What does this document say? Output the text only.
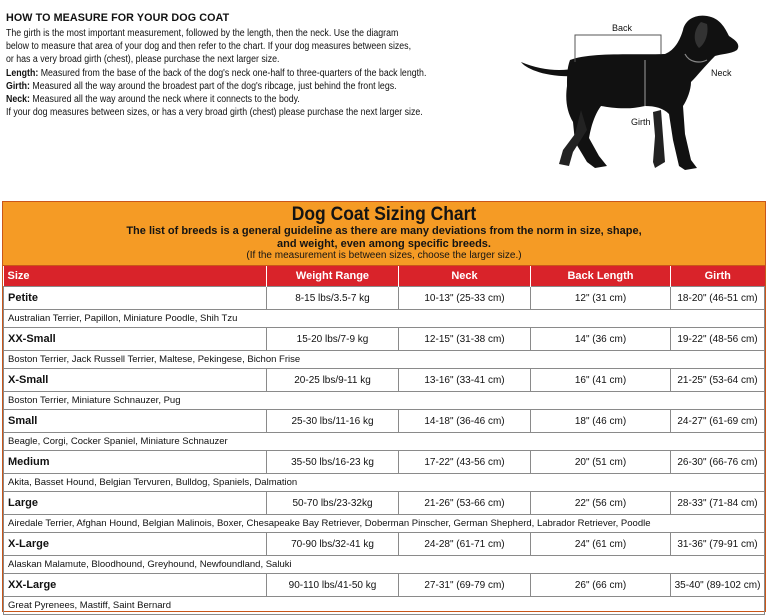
HOW TO MEASURE FOR YOUR DOG COAT

The girth is the most important measurement, followed by the length, then the neck. Use the diagram

below to measure that area of your dog and then refer to the chart. If your dog measures between sizes,

or has a very broad girth (chest), please purchase the next larger size.

Length: Measured from the base of the back of the dog's neck one-half to three-quarters of the back length.

Girth: Measured all the way around the broadest part of the dog's ribcage, just behind the front legs.

Neck: Measured all the way around the neck where it connects to the body.

If your dog measures between sizes, or has a very broad girth (chest) please purchase the next larger size.

Back
Neck
Girth
Dog Coat Sizing Chart
The list of breeds is a general guideline as there are many deviations from the norm in size, shape, and weight, even among specific breeds.
(If the measurement is between sizes, choose the larger size.)
Size	Weight Range	Neck	Back Length	Girth
Petite	8-15 lbs/3.5-7 kg	10-13" (25-33 cm)	12" (31 cm)	18-20" (46-51 cm)
Australian Terrier, Papillon, Miniature Poodle, Shih Tzu				
XX-Small	15-20 lbs/7-9 kg	12-15" (31-38 cm)	14" (36 cm)	19-22" (48-56 cm)
Boston Terrier, Jack Russell Terrier, Maltese, Pekingese, Bichon Frise				
X-Small	20-25 lbs/9-11 kg	13-16" (33-41 cm)	16" (41 cm)	21-25" (53-64 cm)
Boston Terrier, Miniature Schnauzer, Pug				
Small	25-30 lbs/11-16 kg	14-18" (36-46 cm)	18" (46 cm)	24-27" (61-69 cm)
Beagle, Corgi, Cocker Spaniel, Miniature Schnauzer				
Medium	35-50 lbs/16-23 kg	17-22" (43-56 cm)	20" (51 cm)	26-30" (66-76 cm)
Akita, Basset Hound, Belgian Tervuren, Bulldog, Spaniels, Dalmation				
Large	50-70 lbs/23-32kg	21-26" (53-66 cm)	22" (56 cm)	28-33" (71-84 cm)
Airedale Terrier, Afghan Hound, Belgian Malinois, Boxer, Chesapeake Bay Retriever, Doberman Pinscher, German Shepherd, Labrador Retriever, Poodle				
X-Large	70-90 lbs/32-41 kg	24-28" (61-71 cm)	24" (61 cm)	31-36" (79-91 cm)
Alaskan Malamute, Bloodhound, Greyhound, Newfoundland, Saluki				
XX-Large	90-110 lbs/41-50 kg	27-31" (69-79 cm)	26" (66 cm)	35-40" (89-102 cm)
Great Pyrenees, Mastiff, Saint Bernard				
